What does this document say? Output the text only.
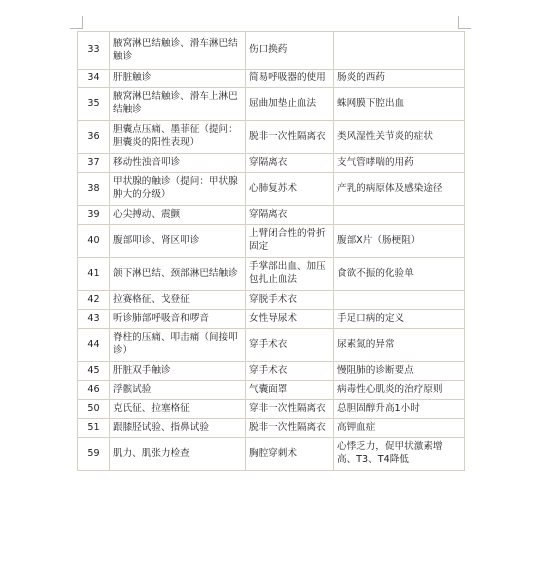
33	腋窝淋巴结触诊、滑车淋巴结触诊	伤口换药	
34	肝脏触诊	简易呼吸器的使用	肠炎的西药
35	腋窝淋巴结触诊、滑车上淋巴结触诊	屈曲加垫止血法	蛛网膜下腔出血
36	胆囊点压痛、墨菲征（提问：胆囊炎的阳性表现）	脱非一次性隔离衣	类风湿性关节炎的症状
37	移动性浊音叩诊	穿隔离衣	支气管哮喘的用药
38	甲状腺的触诊（提问：甲状腺肿大的分级）	心肺复苏术	产乳的病原体及感染途径
39	心尖搏动、震颤	穿隔离衣	
40	腹部叩诊、肾区叩诊	上臂闭合性的骨折固定	腹部X片（肠梗阻）
41	颌下淋巴结、颈部淋巴结触诊	手掌部出血、加压包扎止血法	食欲不振的化验单
42	拉赛格征、戈登征	穿脱手术衣	
43	听诊肺部呼吸音和啰音	女性导尿术	手足口病的定义
44	脊柱的压痛、叩击痛（间接叩诊）	穿手术衣	尿素氮的异常
45	肝脏双手触诊	穿手术衣	慢阻肺的诊断要点
46	浮髌试验	气囊面罩	病毒性心肌炎的治疗原则
50	克氏征、拉塞格征	穿非一次性隔离衣	总胆固醇升高1小时
51	跟膝胫试验、指鼻试验	脱非一次性隔离衣	高钾血症
59	肌力、肌张力检查	胸腔穿刺术	心悸乏力，促甲状激素增高、T3、T4降低
